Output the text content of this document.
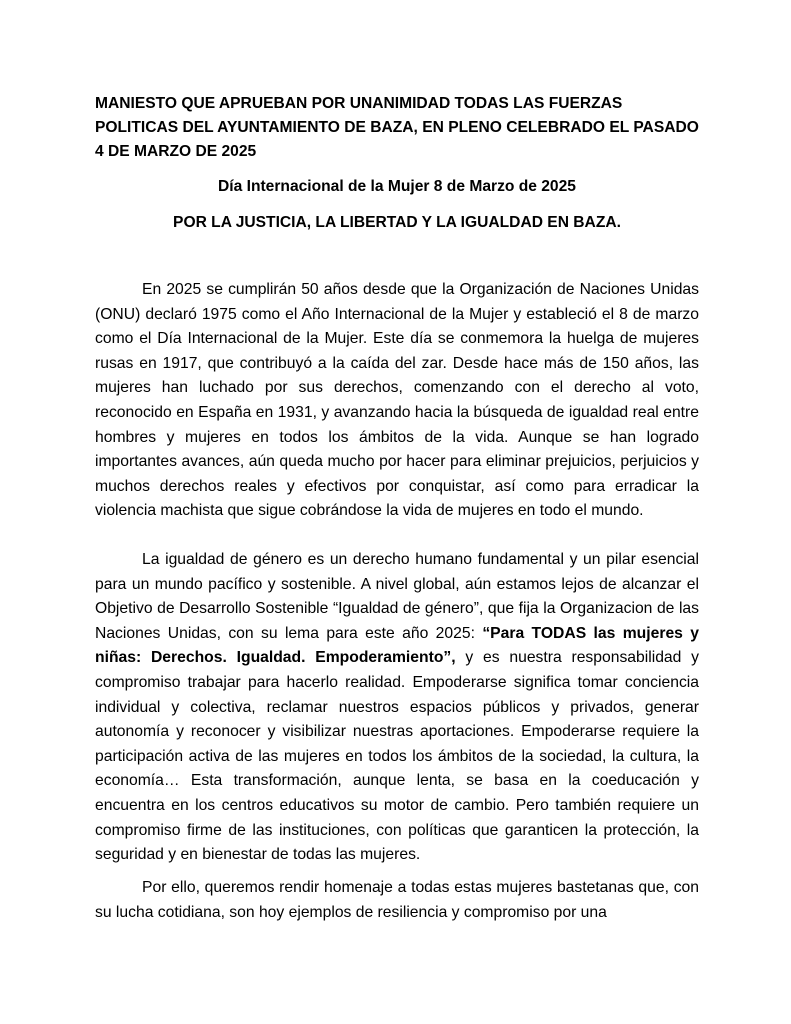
MANIESTO QUE APRUEBAN POR UNANIMIDAD TODAS LAS FUERZAS POLITICAS DEL AYUNTAMIENTO DE BAZA, EN PLENO CELEBRADO EL PASADO 4 DE MARZO DE 2025

Día Internacional de la Mujer 8 de Marzo de 2025

POR LA JUSTICIA, LA LIBERTAD Y LA IGUALDAD EN BAZA.

En 2025 se cumplirán 50 años desde que la Organización de Naciones Unidas (ONU) declaró 1975 como el Año Internacional de la Mujer y estableció el 8 de marzo como el Día Internacional de la Mujer. Este día se conmemora la huelga de mujeres rusas en 1917, que contribuyó a la caída del zar. Desde hace más de 150 años, las mujeres han luchado por sus derechos, comenzando con el derecho al voto, reconocido en España en 1931, y avanzando hacia la búsqueda de igualdad real entre hombres y mujeres en todos los ámbitos de la vida. Aunque se han logrado importantes avances, aún queda mucho por hacer para eliminar prejuicios, perjuicios y muchos derechos reales y efectivos por conquistar, así como para erradicar la violencia machista que sigue cobrándose la vida de mujeres en todo el mundo.

La igualdad de género es un derecho humano fundamental y un pilar esencial para un mundo pacífico y sostenible. A nivel global, aún estamos lejos de alcanzar el Objetivo de Desarrollo Sostenible “Igualdad de género”, que fija la Organizacion de las Naciones Unidas, con su lema para este año 2025: “Para TODAS las mujeres y niñas: Derechos. Igualdad. Empoderamiento”, y es nuestra responsabilidad y compromiso trabajar para hacerlo realidad. Empoderarse significa tomar conciencia individual y colectiva, reclamar nuestros espacios públicos y privados, generar autonomía y reconocer y visibilizar nuestras aportaciones. Empoderarse requiere la participación activa de las mujeres en todos los ámbitos de la sociedad, la cultura, la economía… Esta transformación, aunque lenta, se basa en la coeducación y encuentra en los centros educativos su motor de cambio. Pero también requiere un compromiso firme de las instituciones, con políticas que garanticen la protección, la seguridad y en bienestar de todas las mujeres.

Por ello, queremos rendir homenaje a todas estas mujeres bastetanas que, con su lucha cotidiana, son hoy ejemplos de resiliencia y compromiso por una
